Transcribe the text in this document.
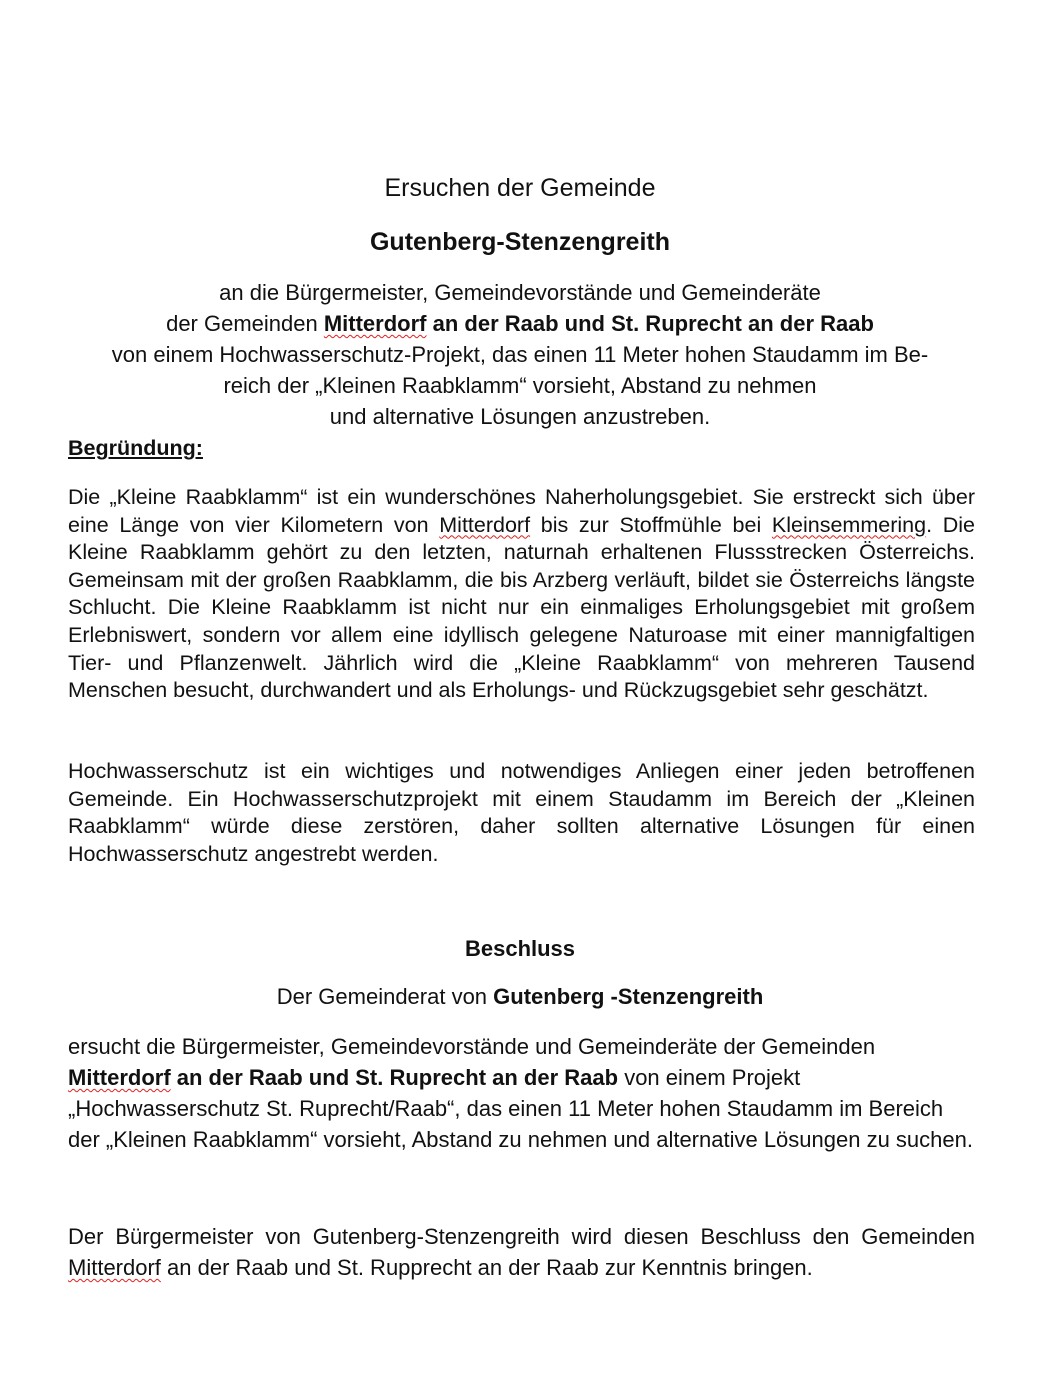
Ersuchen der Gemeinde
Gutenberg-Stenzengreith
an die Bürgermeister, Gemeindevorstände und Gemeinderäte
der Gemeinden Mitterdorf an der Raab und St. Ruprecht an der Raab
von einem Hochwasserschutz-Projekt, das einen 11 Meter hohen Staudamm im Be-
reich der „Kleinen Raabklamm“ vorsieht, Abstand zu nehmen
und alternative Lösungen anzustreben.
Begründung:
Die „Kleine Raabklamm“ ist ein wunderschönes Naherholungsgebiet. Sie erstreckt sich über eine Länge von vier Kilometern von Mitterdorf bis zur Stoffmühle bei Kleinsemmering. Die Kleine Raabklamm gehört zu den letzten, naturnah erhaltenen Flussstrecken Österreichs. Gemeinsam mit der großen Raabklamm, die bis Arzberg verläuft, bildet sie Österreichs längste Schlucht. Die Kleine Raabklamm ist nicht nur ein einmaliges Erholungsgebiet mit großem Erlebniswert, sondern vor allem eine idyllisch gelegene Naturoase mit einer mannigfaltigen Tier- und Pflanzenwelt. Jährlich wird die „Kleine Raabklamm“ von mehreren Tausend Menschen besucht, durchwandert und als Erholungs- und Rückzugsgebiet sehr geschätzt.
Hochwasserschutz ist ein wichtiges und notwendiges Anliegen einer jeden betroffenen Gemeinde. Ein Hochwasserschutzprojekt mit einem Staudamm im Bereich der „Kleinen Raabklamm“ würde diese zerstören, daher sollten alternative Lösungen für einen Hochwasserschutz angestrebt werden.
Beschluss
Der Gemeinderat von Gutenberg -Stenzengreith
ersucht die Bürgermeister, Gemeindevorstände und Gemeinderäte der Gemeinden Mitterdorf an der Raab und St. Ruprecht an der Raab von einem Projekt „Hochwasserschutz St. Ruprecht/Raab“, das einen 11 Meter hohen Staudamm im Bereich der „Kleinen Raabklamm“ vorsieht, Abstand zu nehmen und alternative Lösungen zu suchen.
Der Bürgermeister von Gutenberg-Stenzengreith wird diesen Beschluss den Gemeinden Mitterdorf an der Raab und St. Rupprecht an der Raab zur Kenntnis bringen.
